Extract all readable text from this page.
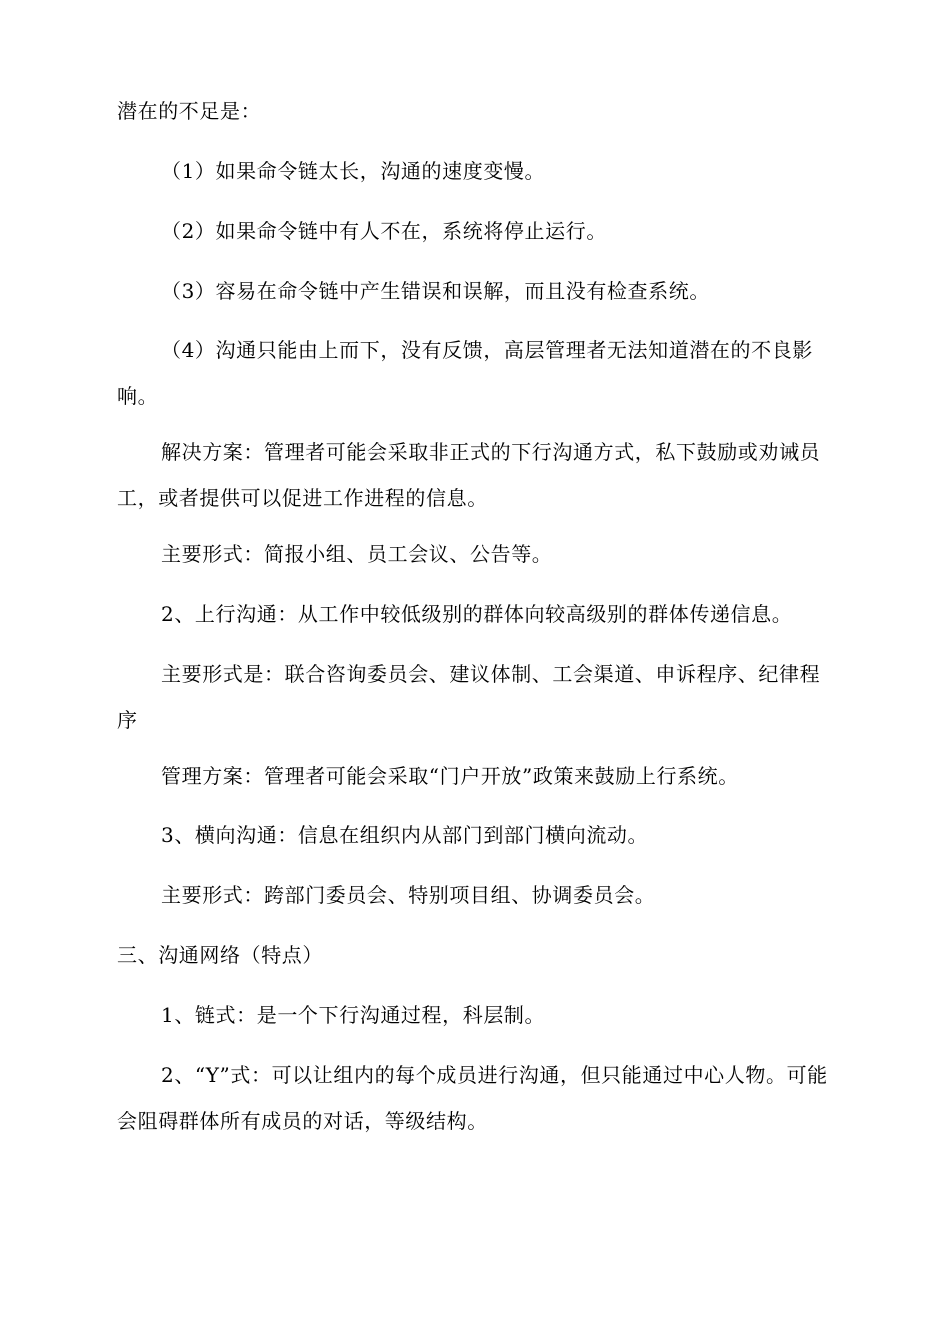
潜在的不足是：

（1）如果命令链太长，沟通的速度变慢。

（2）如果命令链中有人不在，系统将停止运行。

（3）容易在命令链中产生错误和误解，而且没有检查系统。

（4）沟通只能由上而下，没有反馈，高层管理者无法知道潜在的不良影响。

解决方案：管理者可能会采取非正式的下行沟通方式，私下鼓励或劝诫员工，或者提供可以促进工作进程的信息。

主要形式：简报小组、员工会议、公告等。

2、上行沟通：从工作中较低级别的群体向较高级别的群体传递信息。

主要形式是：联合咨询委员会、建议体制、工会渠道、申诉程序、纪律程序

管理方案：管理者可能会采取“门户开放”政策来鼓励上行系统。

3、横向沟通：信息在组织内从部门到部门横向流动。

主要形式：跨部门委员会、特别项目组、协调委员会。

三、沟通网络（特点）

1、链式：是一个下行沟通过程，科层制。

2、“Y”式：可以让组内的每个成员进行沟通，但只能通过中心人物。可能会阻碍群体所有成员的对话，等级结构。
